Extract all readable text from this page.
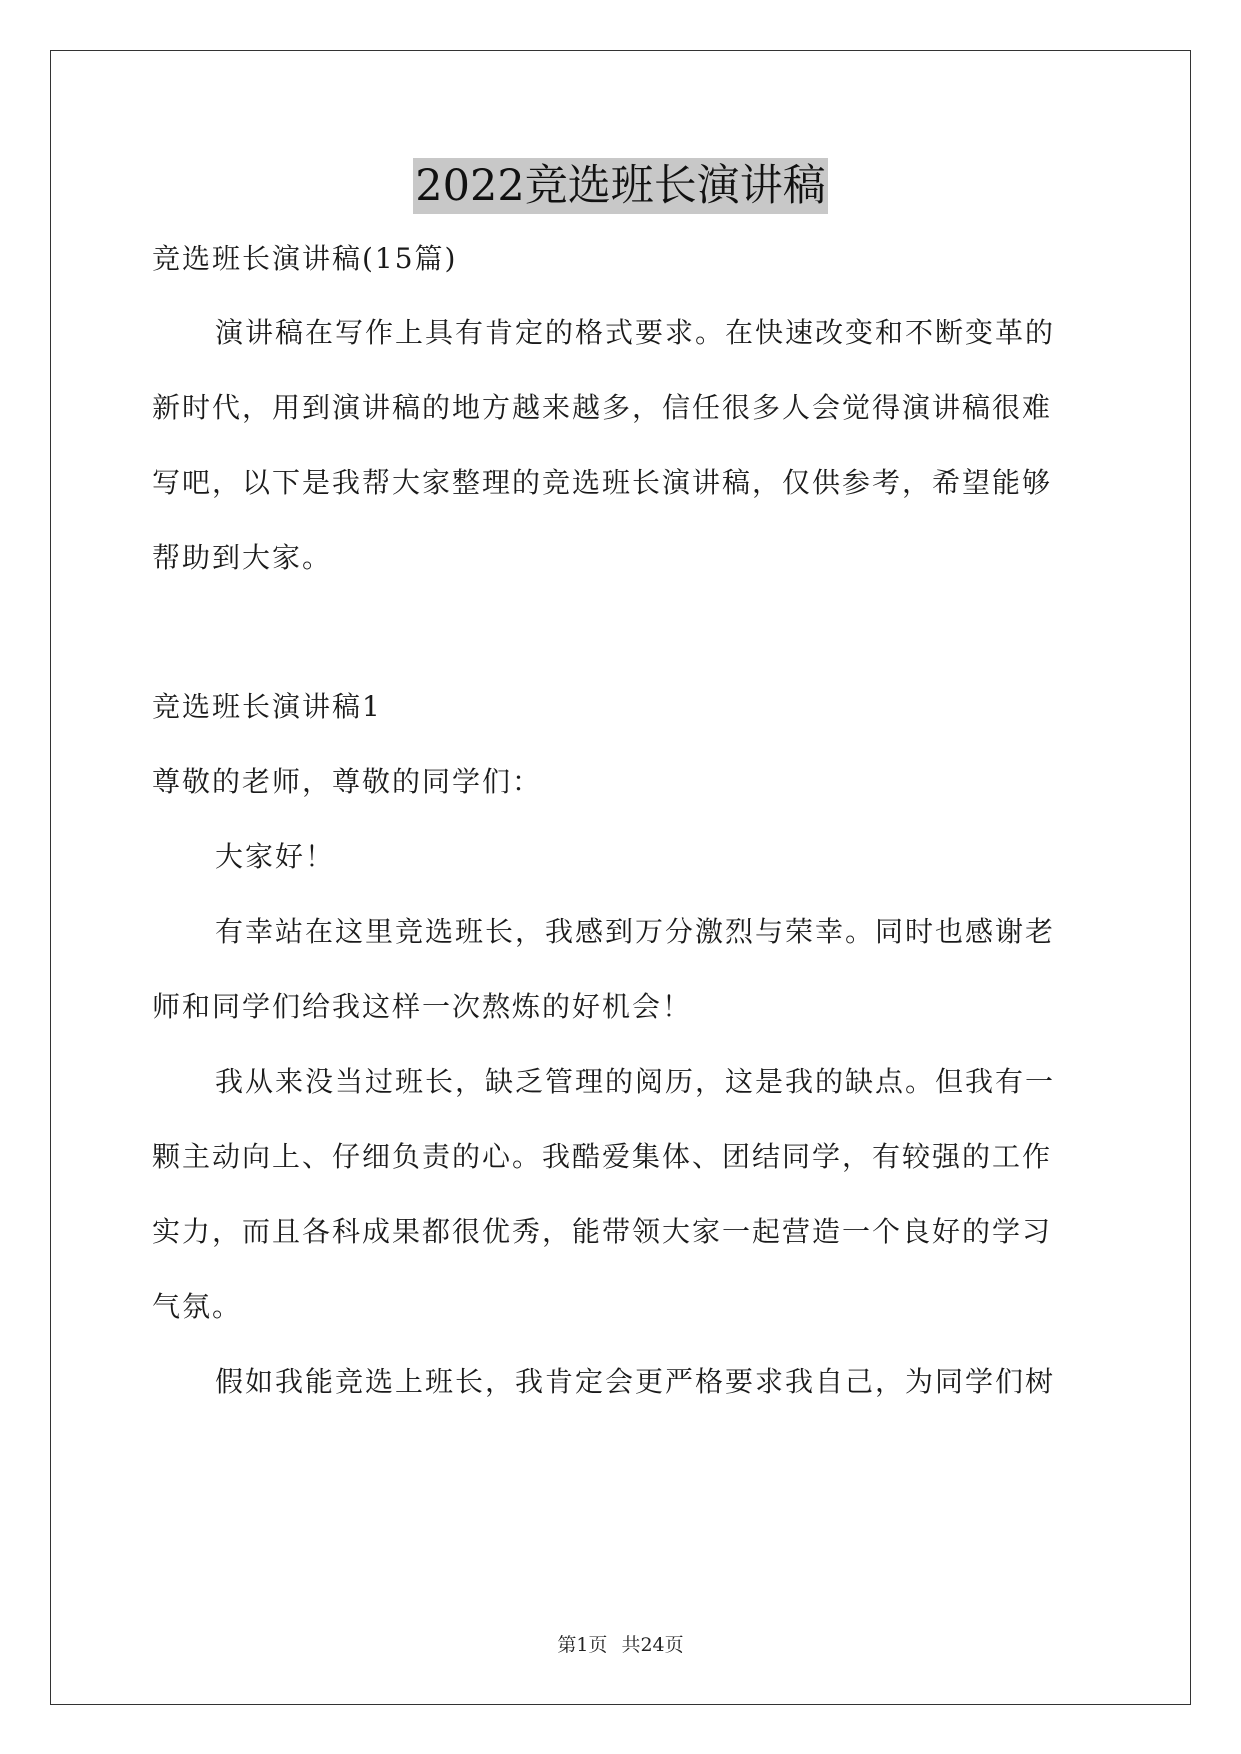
2022竞选班长演讲稿
竞选班长演讲稿(15篇)
演讲稿在写作上具有肯定的格式要求。在快速改变和不断变革的
新时代，用到演讲稿的地方越来越多，信任很多人会觉得演讲稿很难
写吧，以下是我帮大家整理的竞选班长演讲稿，仅供参考，希望能够
帮助到大家。
竞选班长演讲稿1
尊敬的老师，尊敬的同学们：
大家好！
有幸站在这里竞选班长，我感到万分激烈与荣幸。同时也感谢老
师和同学们给我这样一次熬炼的好机会！
我从来没当过班长，缺乏管理的阅历，这是我的缺点。但我有一
颗主动向上、仔细负责的心。我酷爱集体、团结同学，有较强的工作
实力，而且各科成果都很优秀，能带领大家一起营造一个良好的学习
气氛。
假如我能竞选上班长，我肯定会更严格要求我自己，为同学们树
第1页 共24页
